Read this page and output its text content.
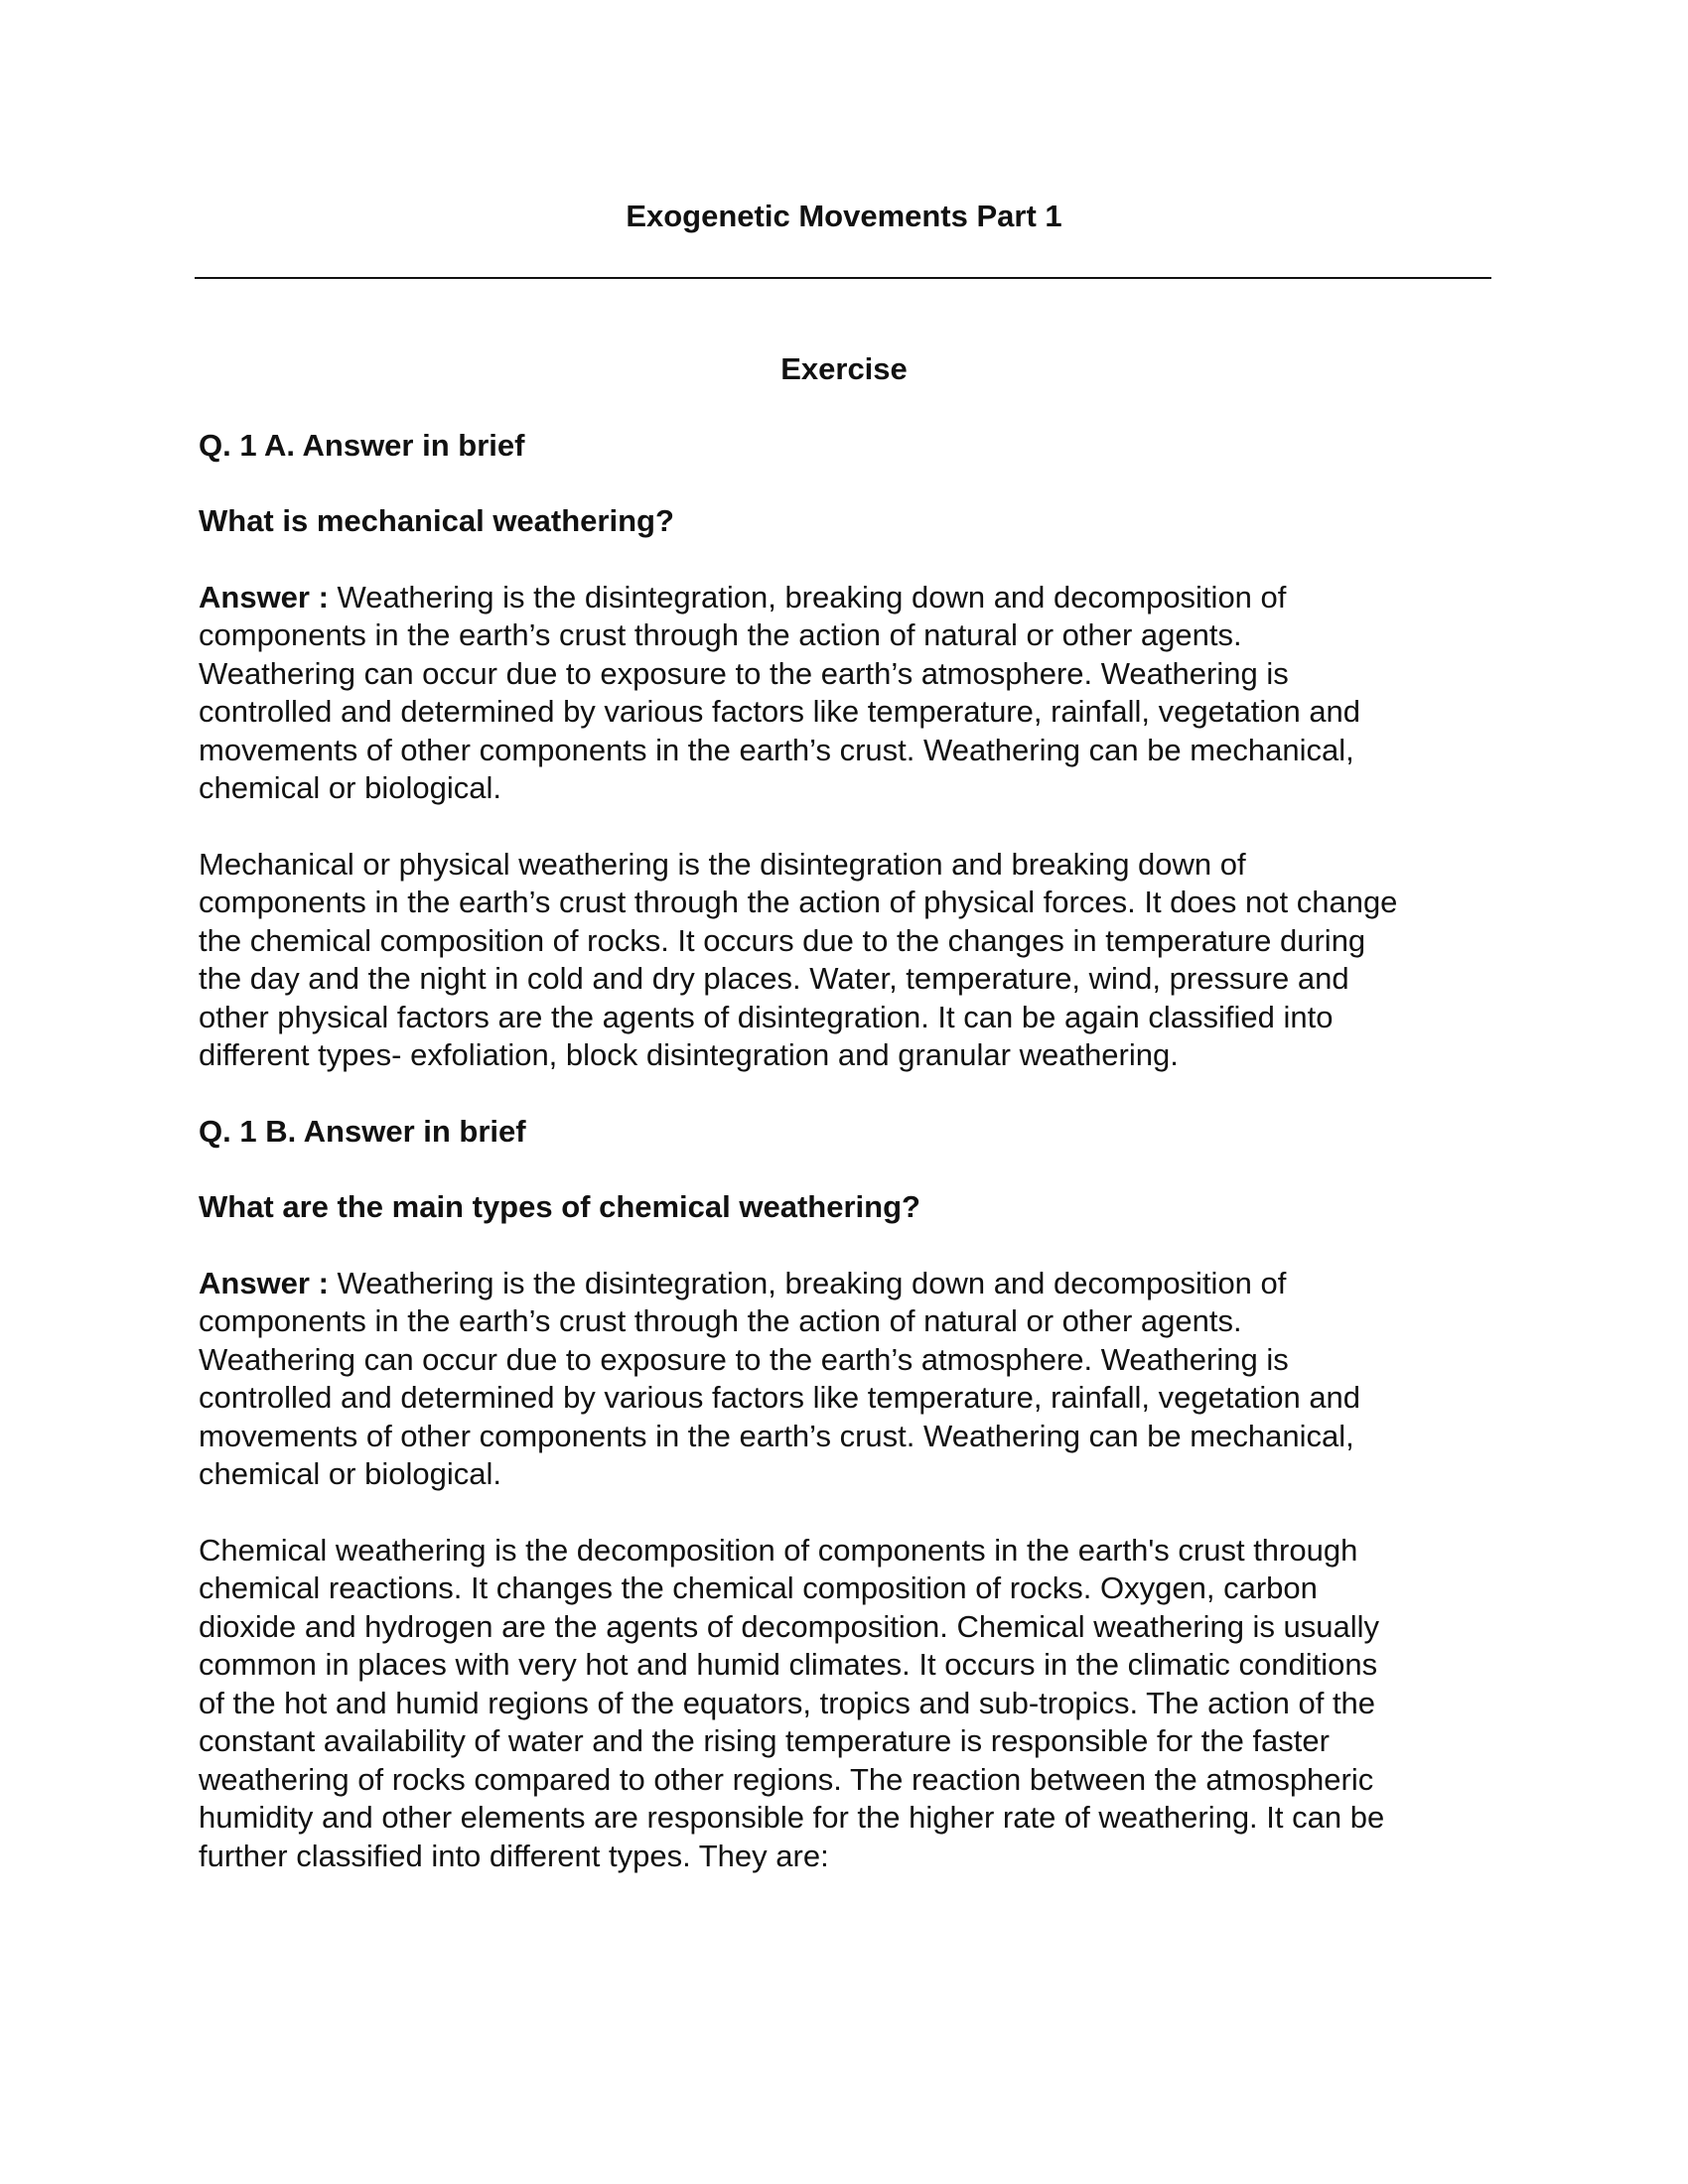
Exogenetic Movements Part 1
Exercise
Q. 1 A. Answer in brief
What is mechanical weathering?
Answer : Weathering is the disintegration, breaking down and decomposition of
components in the earth’s crust through the action of natural or other agents.
Weathering can occur due to exposure to the earth’s atmosphere. Weathering is
controlled and determined by various factors like temperature, rainfall, vegetation and
movements of other components in the earth’s crust. Weathering can be mechanical,
chemical or biological.
Mechanical or physical weathering is the disintegration and breaking down of
components in the earth’s crust through the action of physical forces. It does not change
the chemical composition of rocks. It occurs due to the changes in temperature during
the day and the night in cold and dry places. Water, temperature, wind, pressure and
other physical factors are the agents of disintegration. It can be again classified into
different types- exfoliation, block disintegration and granular weathering.
Q. 1 B. Answer in brief
What are the main types of chemical weathering?
Answer : Weathering is the disintegration, breaking down and decomposition of
components in the earth’s crust through the action of natural or other agents.
Weathering can occur due to exposure to the earth’s atmosphere. Weathering is
controlled and determined by various factors like temperature, rainfall, vegetation and
movements of other components in the earth’s crust. Weathering can be mechanical,
chemical or biological.
Chemical weathering is the decomposition of components in the earth's crust through
chemical reactions. It changes the chemical composition of rocks. Oxygen, carbon
dioxide and hydrogen are the agents of decomposition. Chemical weathering is usually
common in places with very hot and humid climates. It occurs in the climatic conditions
of the hot and humid regions of the equators, tropics and sub-tropics. The action of the
constant availability of water and the rising temperature is responsible for the faster
weathering of rocks compared to other regions. The reaction between the atmospheric
humidity and other elements are responsible for the higher rate of weathering. It can be
further classified into different types. They are:
